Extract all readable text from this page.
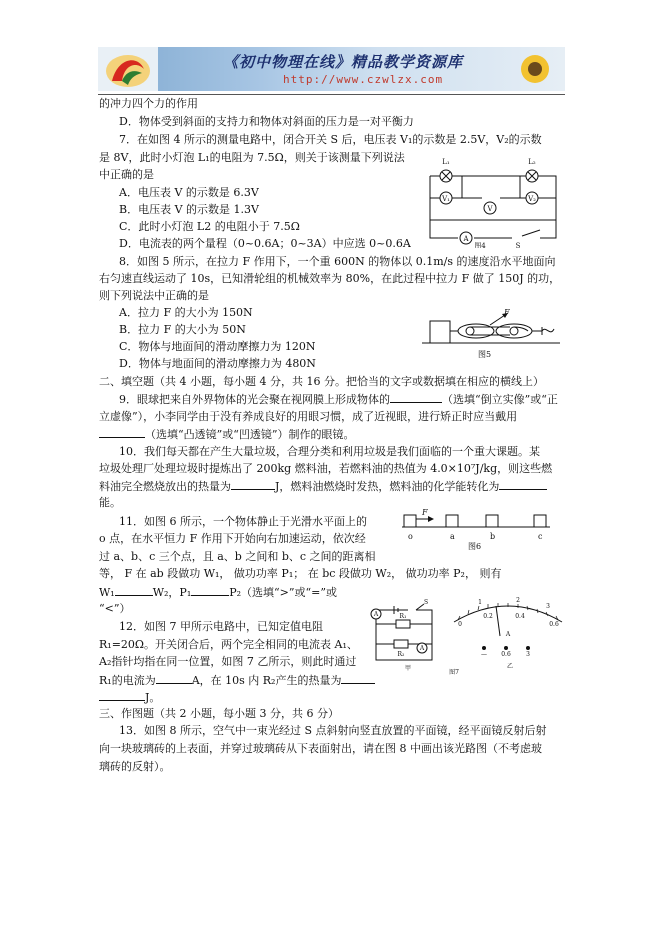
《初中物理在线》精品教学资源库
http://www.czwlzx.com
的冲力四个力的作用
D．物体受到斜面的支持力和物体对斜面的压力是一对平衡力
7．在如图 4 所示的测量电路中，闭合开关 S 后，电压表 V₁的示数是 2.5V，V₂的示数
是 8V，此时小灯泡 L₁的电阻为 7.5Ω，则关于该测量下列说法
中正确的是
A．电压表 V 的示数是 6.3V
B．电压表 V 的示数是 1.3V
C．此时小灯泡 L2 的电阻小于 7.5Ω
D．电流表的两个量程（0~0.6A；0~3A）中应选 0~0.6A
8．如图 5 所示，在拉力 F 作用下，一个重 600N 的物体以 0.1m/s 的速度沿水平地面向
右匀速直线运动了 10s，已知滑轮组的机械效率为 80%，在此过程中拉力 F 做了 150J 的功，
则下列说法中正确的是
A．拉力 F 的大小为 150N
B．拉力 F 的大小为 50N
C．物体与地面间的滑动摩擦力为 120N
D．物体与地面间的滑动摩擦力为 480N
二、填空题（共 4 小题，每小题 4 分，共 16 分。把恰当的文字或数据填在相应的横线上）
9．眼球把来自外界物体的光会聚在视网膜上形成物体的	（选填“倒立实像”或“正
立虚像”），小李同学由于没有养成良好的用眼习惯，成了近视眼，进行矫正时应当戴用
（选填“凸透镜”或“凹透镜”）制作的眼镜。
10．我们每天都在产生大量垃圾，合理分类和利用垃圾是我们面临的一个重大课题。某
垃圾处理厂处理垃圾时提炼出了 200kg 燃料油，若燃料油的热值为 4.0×10⁷J/kg，则这些燃
料油完全燃烧放出的热量为	J，燃料油燃烧时发热，燃料油的化学能转化为
能。
11．如图 6 所示，一个物体静止于光滑水平面上的
o 点，在水平恒力 F 作用下开始向右加速运动，依次经
过 a、b、c 三个点，且 a、b 之间和 b、c 之间的距离相
等， F 在 ab 段做功 W₁， 做功功率 P₁； 在 bc 段做功 W₂， 做功功率 P₂， 则有
W₁	W₂，P₁	P₂（选填“>”或“=”或
“<”）
12．如图 7 甲所示电路中，已知定值电阻
R₁=20Ω。开关闭合后，两个完全相同的电流表 A₁、
A₂指针均指在同一位置，如图 7 乙所示，则此时通过
R₁的电流为	A，在 10s 内 R₂产生的热量为
J。
三、作图题（共 2 小题，每小题 3 分，共 6 分）
13．如图 8 所示，空气中一束光经过 S 点斜射向竖直放置的平面镜，经平面镜反射后射
向一块玻璃砖的上表面，并穿过玻璃砖从下表面射出，请在图 8 中画出该光路图（不考虑玻
璃砖的反射）。
L₁	L₂
V₁	V₂
V
A
S
图4
F
图5
F
o	a	b	c
图6
A
A
S
R₁
R₂
甲
0
0.2	0.4
0.6
1	2
3
A
— 0.6	3
乙
图7
